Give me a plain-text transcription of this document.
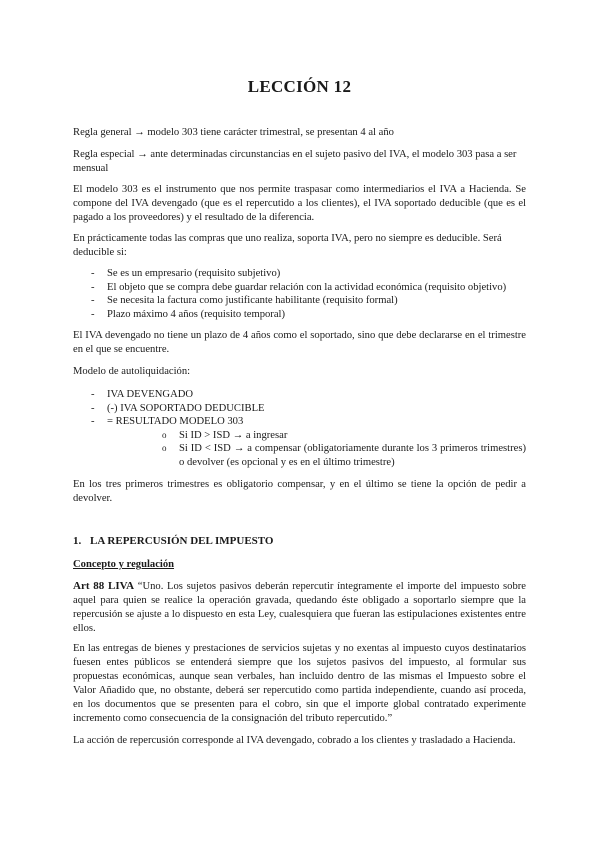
LECCIÓN 12

Regla general → modelo 303 tiene carácter trimestral, se presentan 4 al año

Regla especial → ante determinadas circunstancias en el sujeto pasivo del IVA, el modelo 303 pasa a ser mensual

El modelo 303 es el instrumento que nos permite traspasar como intermediarios el IVA a Hacienda. Se compone del IVA devengado (que es el repercutido a los clientes), el IVA soportado deducible (que es el pagado a los proveedores) y el resultado de la diferencia.

En prácticamente todas las compras que uno realiza, soporta IVA, pero no siempre es deducible. Será deducible si:

- Se es un empresario (requisito subjetivo)
- El objeto que se compra debe guardar relación con la actividad económica (requisito objetivo)
- Se necesita la factura como justificante habilitante (requisito formal)
- Plazo máximo 4 años (requisito temporal)

El IVA devengado no tiene un plazo de 4 años como el soportado, sino que debe declararse en el trimestre en el que se encuentre.

Modelo de autoliquidación:

- IVA DEVENGADO
- (-) IVA SOPORTADO DEDUCIBLE
- = RESULTADO MODELO 303
o Si ID > ISD → a ingresar
o Si ID < ISD → a compensar (obligatoriamente durante los 3 primeros trimestres) o devolver (es opcional y es en el último trimestre)

En los tres primeros trimestres es obligatorio compensar, y en el último se tiene la opción de pedir a devolver.

1. LA REPERCUSIÓN DEL IMPUESTO
Concepto y regulación

Art 88 LIVA “Uno. Los sujetos pasivos deberán repercutir íntegramente el importe del impuesto sobre aquel para quien se realice la operación gravada, quedando éste obligado a soportarlo siempre que la repercusión se ajuste a lo dispuesto en esta Ley, cualesquiera que fueran las estipulaciones existentes entre ellos.

En las entregas de bienes y prestaciones de servicios sujetas y no exentas al impuesto cuyos destinatarios fuesen entes públicos se entenderá siempre que los sujetos pasivos del impuesto, al formular sus propuestas económicas, aunque sean verbales, han incluido dentro de las mismas el Impuesto sobre el Valor Añadido que, no obstante, deberá ser repercutido como partida independiente, cuando así proceda, en los documentos que se presenten para el cobro, sin que el importe global contratado experimente incremento como consecuencia de la consignación del tributo repercutido.”

La acción de repercusión corresponde al IVA devengado, cobrado a los clientes y trasladado a Hacienda.
